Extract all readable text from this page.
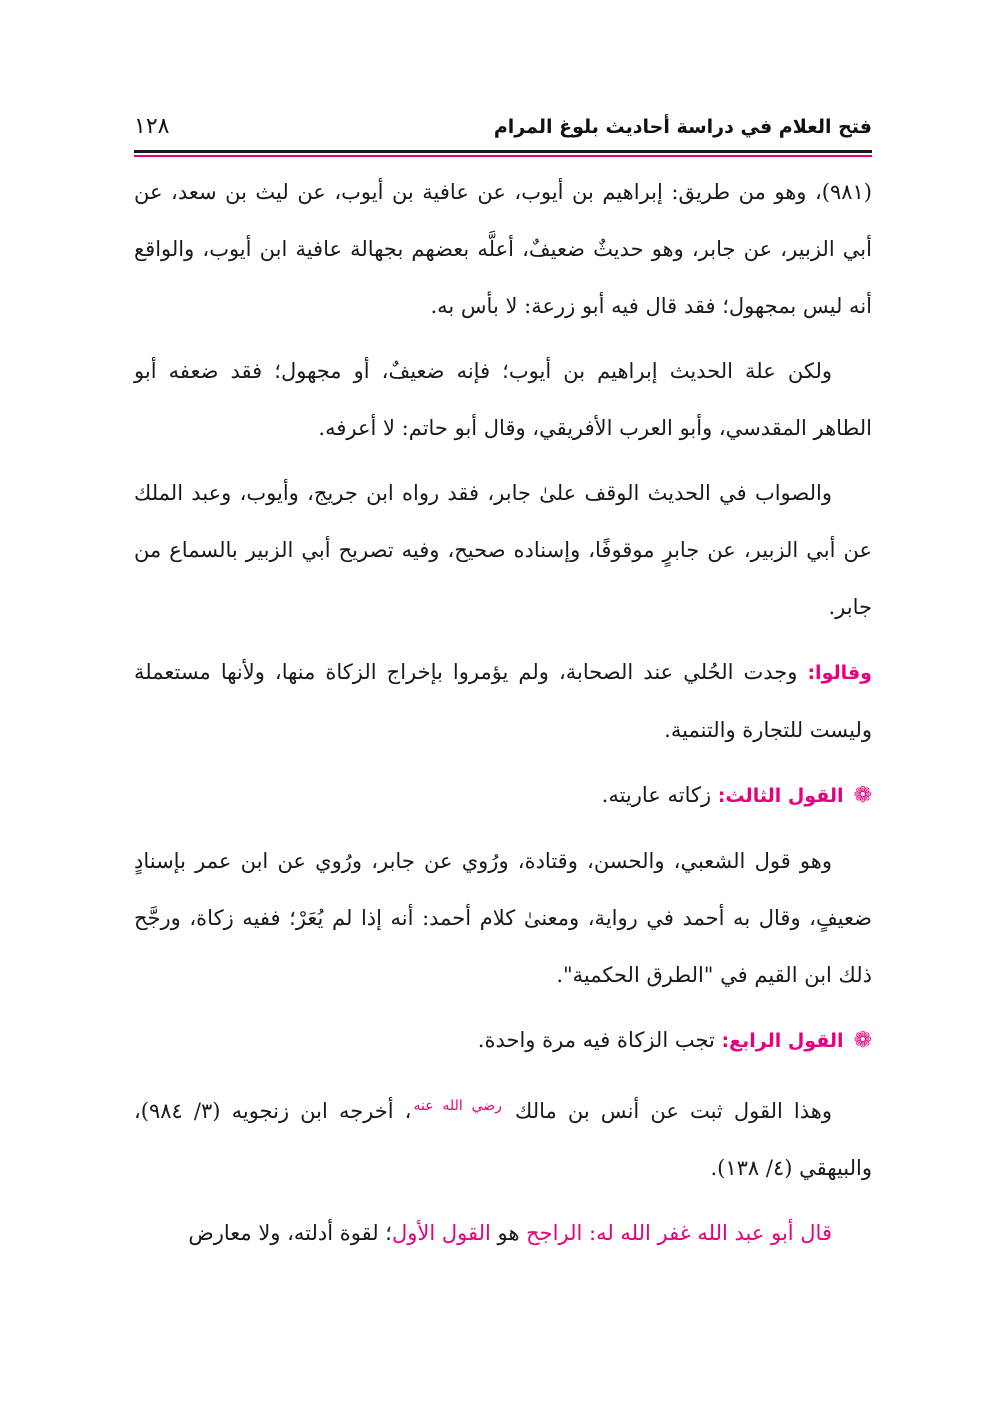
فتح العلام في دراسة أحاديث بلوغ المرام
١٢٨

(٩٨١)، وهو من طريق: إبراهيم بن أيوب، عن عافية بن أيوب، عن ليث بن سعد، عن أبي الزبير، عن جابر، وهو حديثٌ ضعيفٌ، أعلَّه بعضهم بجهالة عافية ابن أيوب، والواقع أنه ليس بمجهول؛ فقد قال فيه أبو زرعة: لا بأس به.

ولكن علة الحديث إبراهيم بن أيوب؛ فإنه ضعيفٌ، أو مجهول؛ فقد ضعفه أبو الطاهر المقدسي، وأبو العرب الأفريقي، وقال أبو حاتم: لا أعرفه.

والصواب في الحديث الوقف علىٰ جابر، فقد رواه ابن جريج، وأيوب، وعبد الملك عن أبي الزبير، عن جابرٍ موقوفًا، وإسناده صحيح، وفيه تصريح أبي الزبير بالسماع من جابر.

وقالوا: وجدت الحُلي عند الصحابة، ولم يؤمروا بإخراج الزكاة منها، ولأنها مستعملة وليست للتجارة والتنمية.

❁القول الثالث: زكاته عاريته.

وهو قول الشعبي، والحسن، وقتادة، ورُوي عن جابر، ورُوي عن ابن عمر بإسنادٍ ضعيفٍ، وقال به أحمد في رواية، ومعنىٰ كلام أحمد: أنه إذا لم يُعَرْ؛ ففيه زكاة، ورجَّح ذلك ابن القيم في "الطرق الحكمية".

❁القول الرابع: تجب الزكاة فيه مرة واحدة.

وهذا القول ثبت عن أنس بن مالك $^{رضي الله عنه}$، أخرجه ابن زنجويه (٣/ ٩٨٤)، والبيهقي (٤/ ١٣٨).

قال أبو عبد الله غفر الله له: الراجح هو القول الأول؛ لقوة أدلته، ولا معارض
